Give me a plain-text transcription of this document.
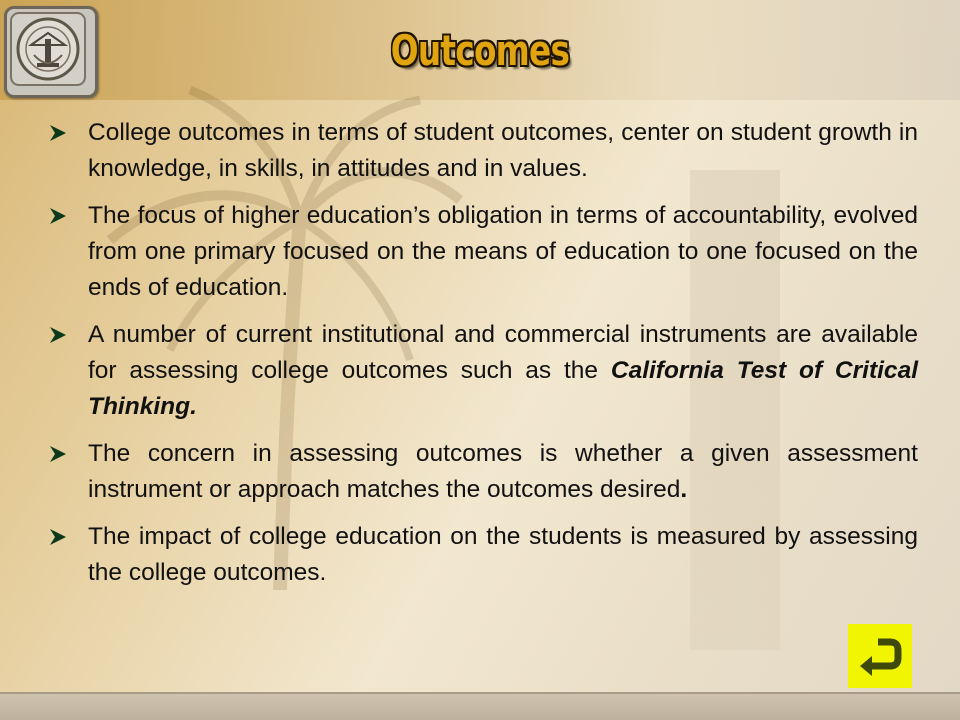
Outcomes
College outcomes in terms of student outcomes, center on student growth in knowledge, in skills, in attitudes and in values.
The focus of higher education’s obligation in terms of accountability, evolved from one primary focused on the means of education to one focused on the ends of education.
A number of current institutional and commercial instruments are available for assessing college outcomes such as the California Test of Critical Thinking.
The concern in assessing outcomes is whether a given assessment instrument or approach matches the outcomes desired.
The impact of college education on the students is measured by assessing the college outcomes.
